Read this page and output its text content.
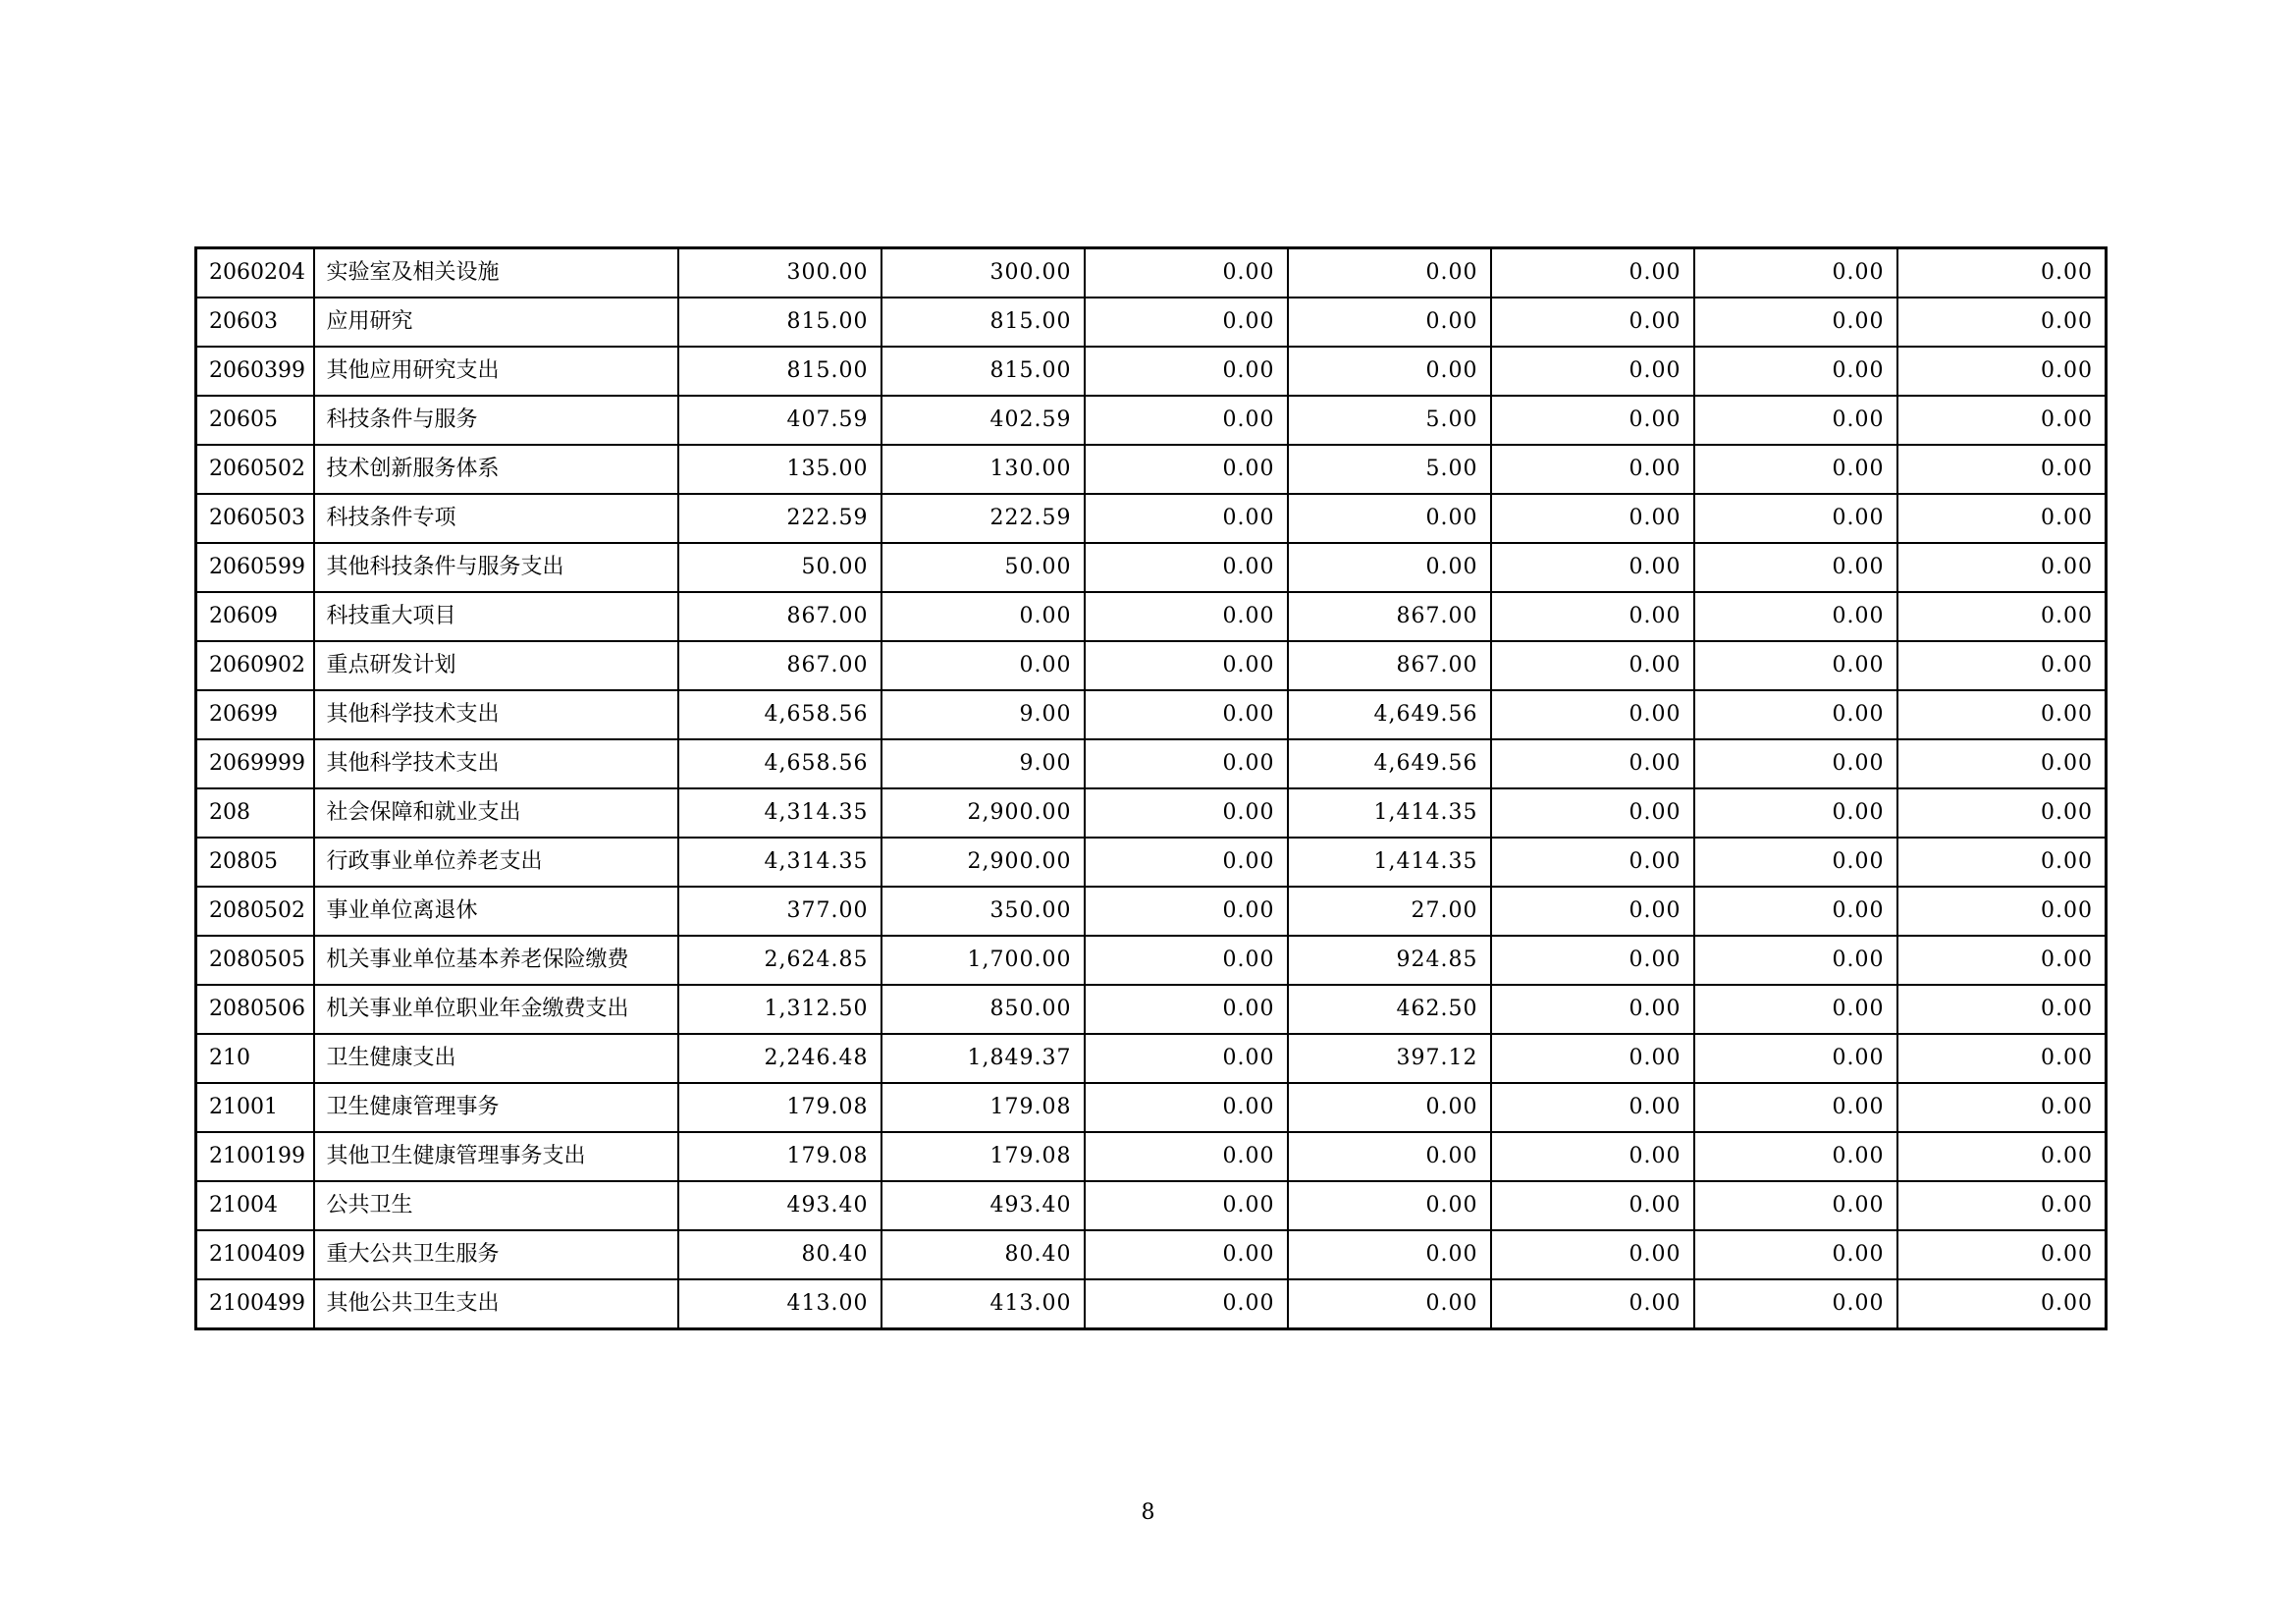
2060204	实验室及相关设施	300.00	300.00	0.00	0.00	0.00	0.00	0.00
20603	应用研究	815.00	815.00	0.00	0.00	0.00	0.00	0.00
2060399	其他应用研究支出	815.00	815.00	0.00	0.00	0.00	0.00	0.00
20605	科技条件与服务	407.59	402.59	0.00	5.00	0.00	0.00	0.00
2060502	技术创新服务体系	135.00	130.00	0.00	5.00	0.00	0.00	0.00
2060503	科技条件专项	222.59	222.59	0.00	0.00	0.00	0.00	0.00
2060599	其他科技条件与服务支出	50.00	50.00	0.00	0.00	0.00	0.00	0.00
20609	科技重大项目	867.00	0.00	0.00	867.00	0.00	0.00	0.00
2060902	重点研发计划	867.00	0.00	0.00	867.00	0.00	0.00	0.00
20699	其他科学技术支出	4,658.56	9.00	0.00	4,649.56	0.00	0.00	0.00
2069999	其他科学技术支出	4,658.56	9.00	0.00	4,649.56	0.00	0.00	0.00
208	社会保障和就业支出	4,314.35	2,900.00	0.00	1,414.35	0.00	0.00	0.00
20805	行政事业单位养老支出	4,314.35	2,900.00	0.00	1,414.35	0.00	0.00	0.00
2080502	事业单位离退休	377.00	350.00	0.00	27.00	0.00	0.00	0.00
2080505	机关事业单位基本养老保险缴费	2,624.85	1,700.00	0.00	924.85	0.00	0.00	0.00
2080506	机关事业单位职业年金缴费支出	1,312.50	850.00	0.00	462.50	0.00	0.00	0.00
210	卫生健康支出	2,246.48	1,849.37	0.00	397.12	0.00	0.00	0.00
21001	卫生健康管理事务	179.08	179.08	0.00	0.00	0.00	0.00	0.00
2100199	其他卫生健康管理事务支出	179.08	179.08	0.00	0.00	0.00	0.00	0.00
21004	公共卫生	493.40	493.40	0.00	0.00	0.00	0.00	0.00
2100409	重大公共卫生服务	80.40	80.40	0.00	0.00	0.00	0.00	0.00
2100499	其他公共卫生支出	413.00	413.00	0.00	0.00	0.00	0.00	0.00
8
